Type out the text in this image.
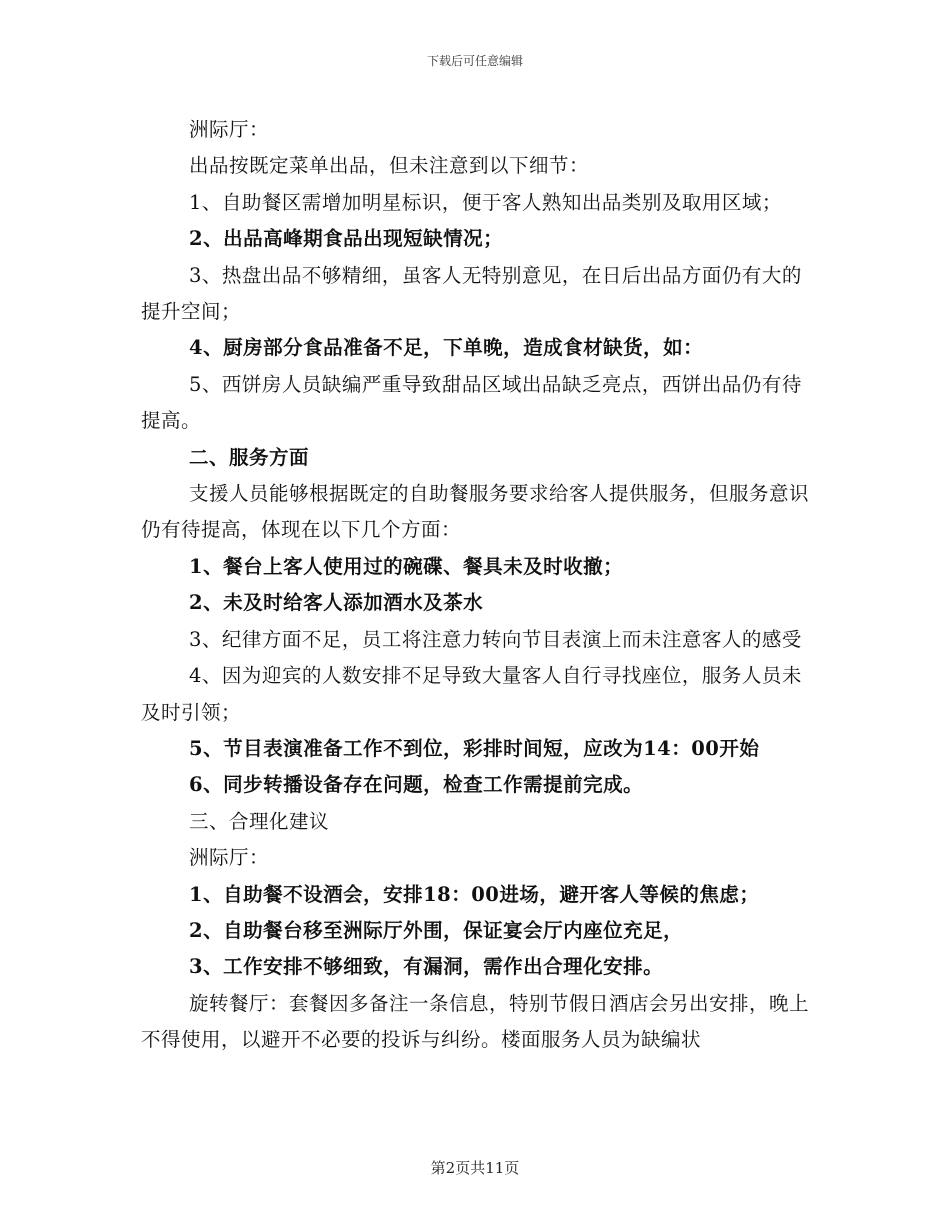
下载后可任意编辑

洲际厅：

出品按既定菜单出品，但未注意到以下细节：

1、自助餐区需增加明星标识，便于客人熟知出品类别及取用区域；

2、出品高峰期食品出现短缺情况；

3、热盘出品不够精细，虽客人无特别意见，在日后出品方面仍有大的提升空间；

4、厨房部分食品准备不足，下单晚，造成食材缺货，如：

5、西饼房人员缺编严重导致甜品区域出品缺乏亮点，西饼出品仍有待提高。

二、服务方面

支援人员能够根据既定的自助餐服务要求给客人提供服务，但服务意识仍有待提高，体现在以下几个方面：

1、餐台上客人使用过的碗碟、餐具未及时收撤；

2、未及时给客人添加酒水及茶水

3、纪律方面不足，员工将注意力转向节目表演上而未注意客人的感受

4、因为迎宾的人数安排不足导致大量客人自行寻找座位，服务人员未及时引领；

5、节目表演准备工作不到位，彩排时间短，应改为14：00开始

6、同步转播设备存在问题，检查工作需提前完成。

三、合理化建议

洲际厅：

1、自助餐不设酒会，安排18：00进场，避开客人等候的焦虑；

2、自助餐台移至洲际厅外围，保证宴会厅内座位充足，

3、工作安排不够细致，有漏洞，需作出合理化安排。

旋转餐厅：套餐因多备注一条信息，特别节假日酒店会另出安排，晚上不得使用，以避开不必要的投诉与纠纷。楼面服务人员为缺编状

第2页共11页
